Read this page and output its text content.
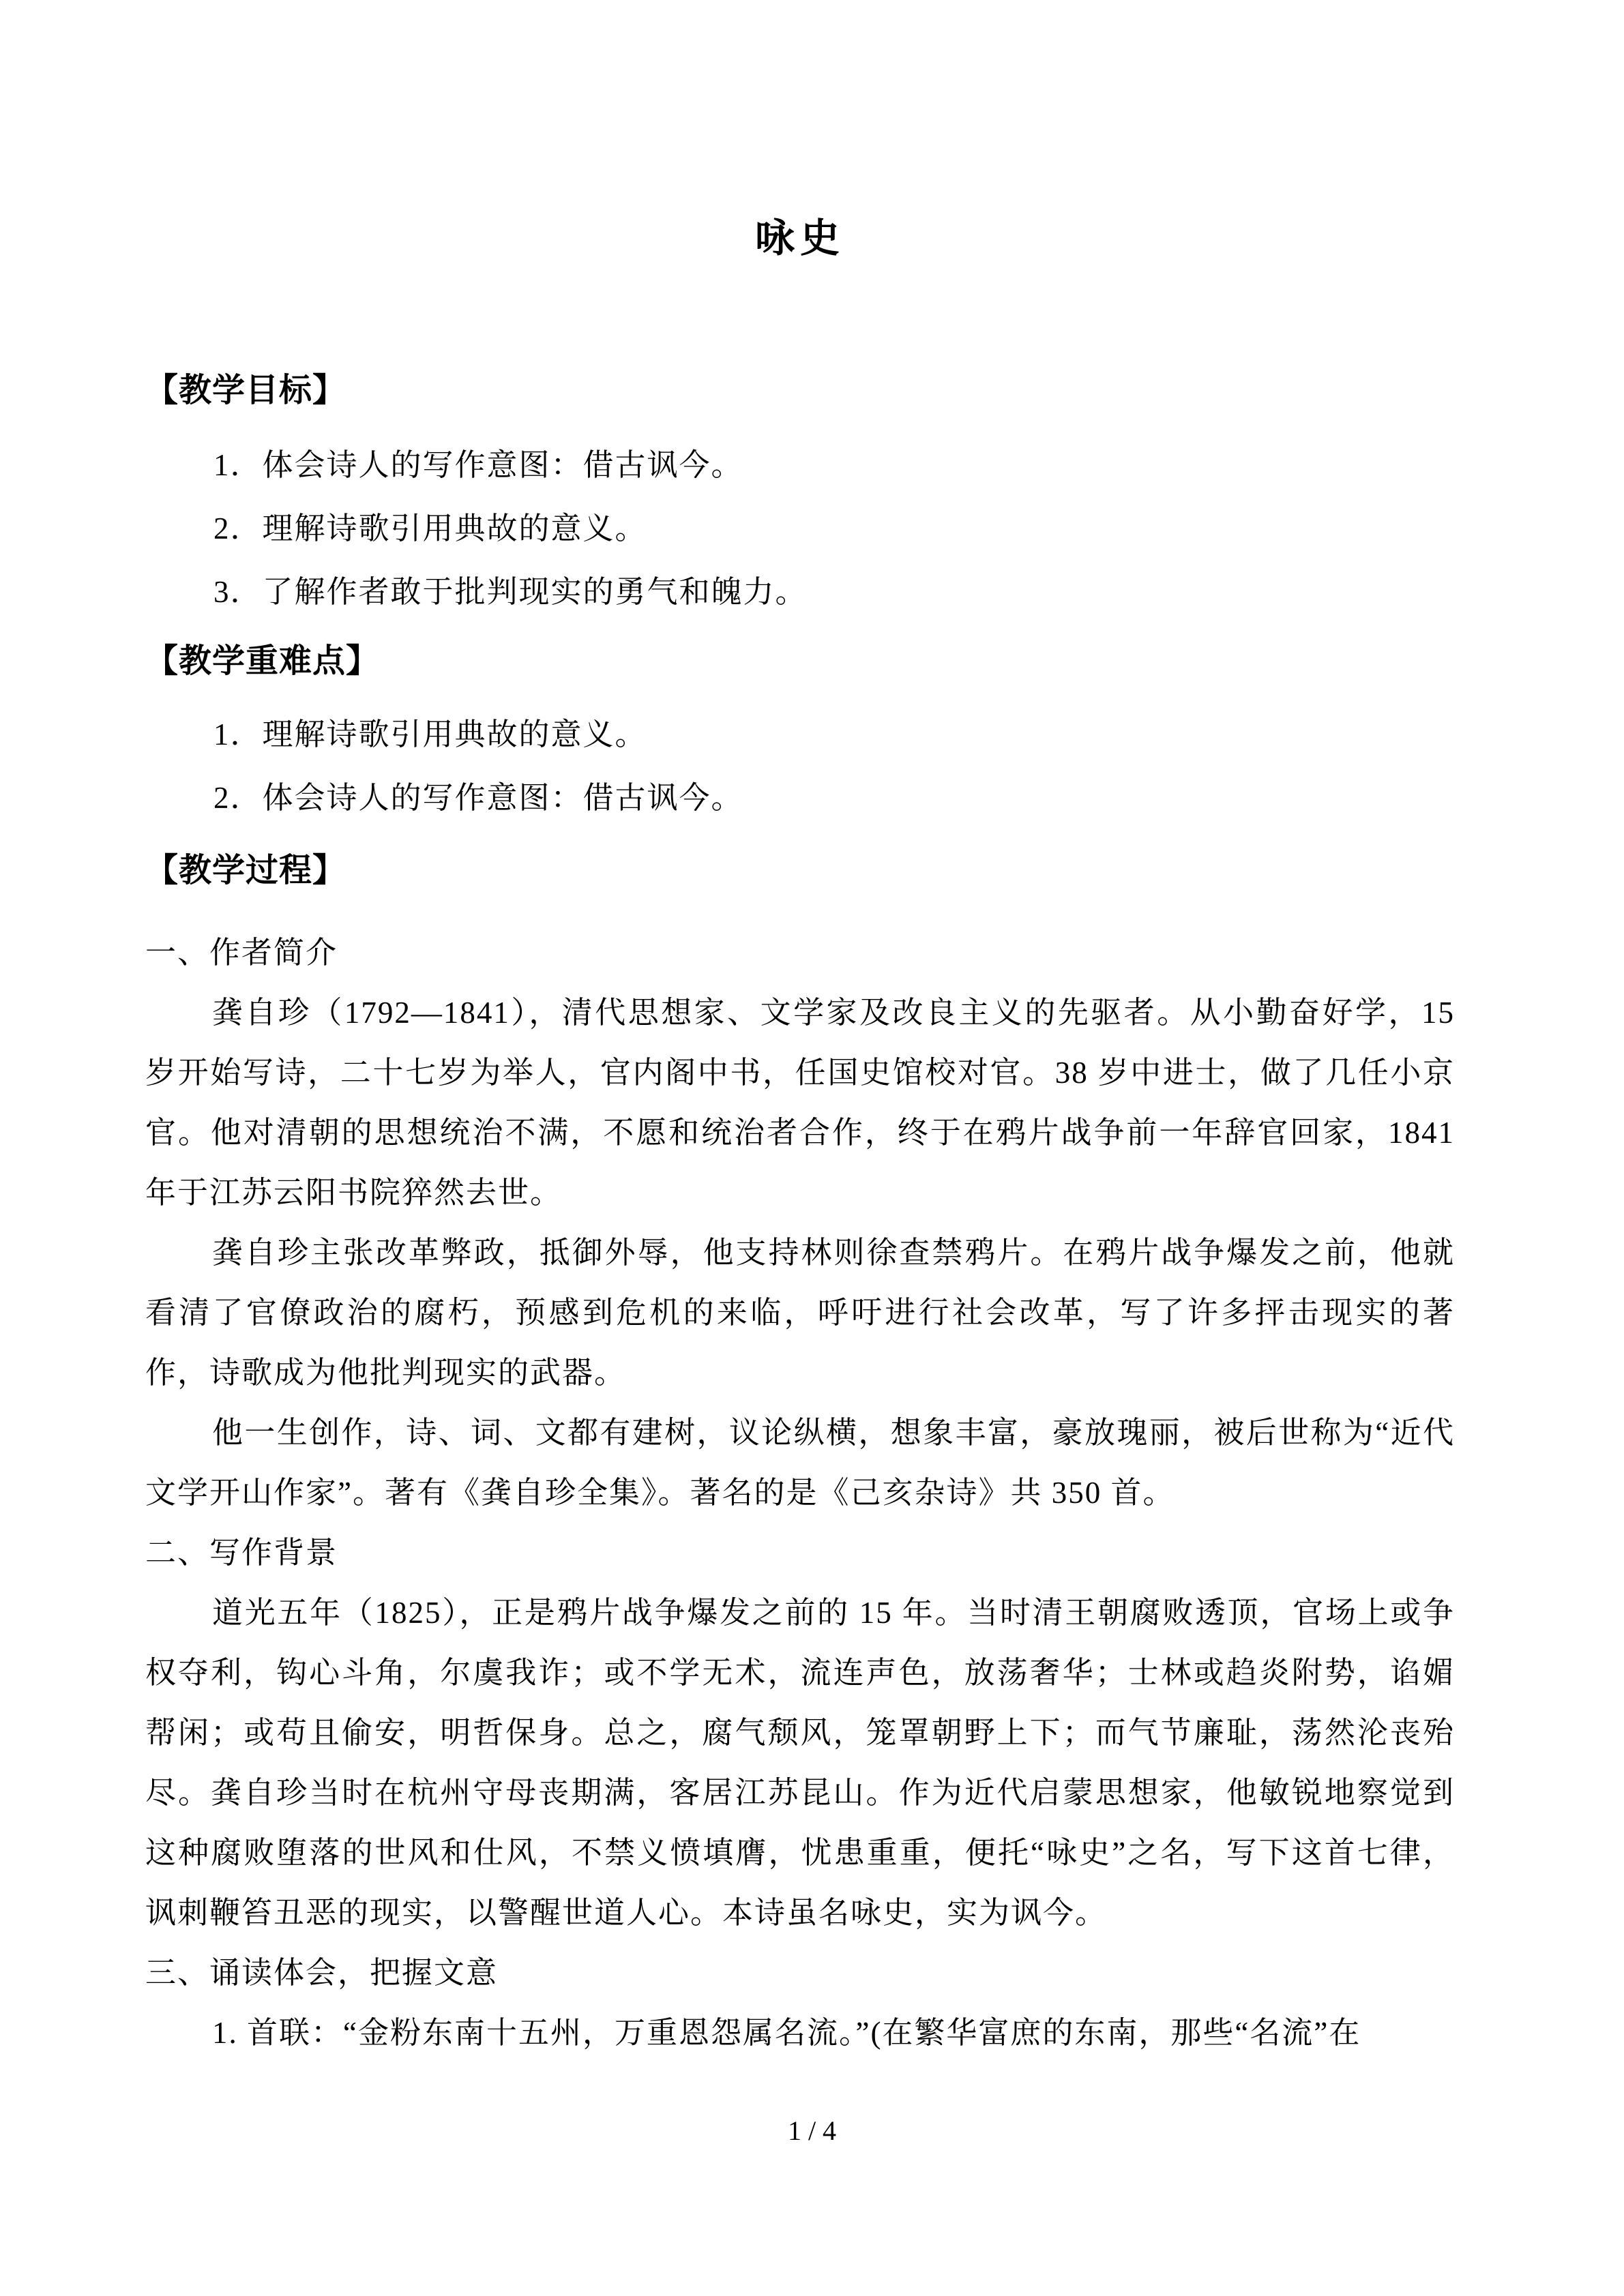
咏史
【教学目标】
1．体会诗人的写作意图：借古讽今。
2．理解诗歌引用典故的意义。
3．了解作者敢于批判现实的勇气和魄力。
【教学重难点】
1．理解诗歌引用典故的意义。
2．体会诗人的写作意图：借古讽今。
【教学过程】
一、作者简介

龚自珍（1792—1841），清代思想家、文学家及改良主义的先驱者。从小勤奋好学，15 岁开始写诗，二十七岁为举人，官内阁中书，任国史馆校对官。38 岁中进士，做了几任小京官。他对清朝的思想统治不满，不愿和统治者合作，终于在鸦片战争前一年辞官回家，1841 年于江苏云阳书院猝然去世。

龚自珍主张改革弊政，抵御外辱，他支持林则徐查禁鸦片。在鸦片战争爆发之前，他就看清了官僚政治的腐朽，预感到危机的来临，呼吁进行社会改革，写了许多抨击现实的著作，诗歌成为他批判现实的武器。

他一生创作，诗、词、文都有建树，议论纵横，想象丰富，豪放瑰丽，被后世称为“近代文学开山作家”。著有《龚自珍全集》。著名的是《己亥杂诗》共 350 首。

二、写作背景

道光五年（1825），正是鸦片战争爆发之前的 15 年。当时清王朝腐败透顶，官场上或争权夺利，钩心斗角，尔虞我诈；或不学无术，流连声色，放荡奢华；士林或趋炎附势，谄媚帮闲；或苟且偷安，明哲保身。总之，腐气颓风，笼罩朝野上下；而气节廉耻，荡然沦丧殆尽。龚自珍当时在杭州守母丧期满，客居江苏昆山。作为近代启蒙思想家，他敏锐地察觉到这种腐败堕落的世风和仕风，不禁义愤填膺，忧患重重，便托“咏史”之名，写下这首七律，讽刺鞭笞丑恶的现实，以警醒世道人心。本诗虽名咏史，实为讽今。

三、诵读体会，把握文意

1. 首联：“金粉东南十五州，万重恩怨属名流。”(在繁华富庶的东南，那些“名流”在

1 / 4
